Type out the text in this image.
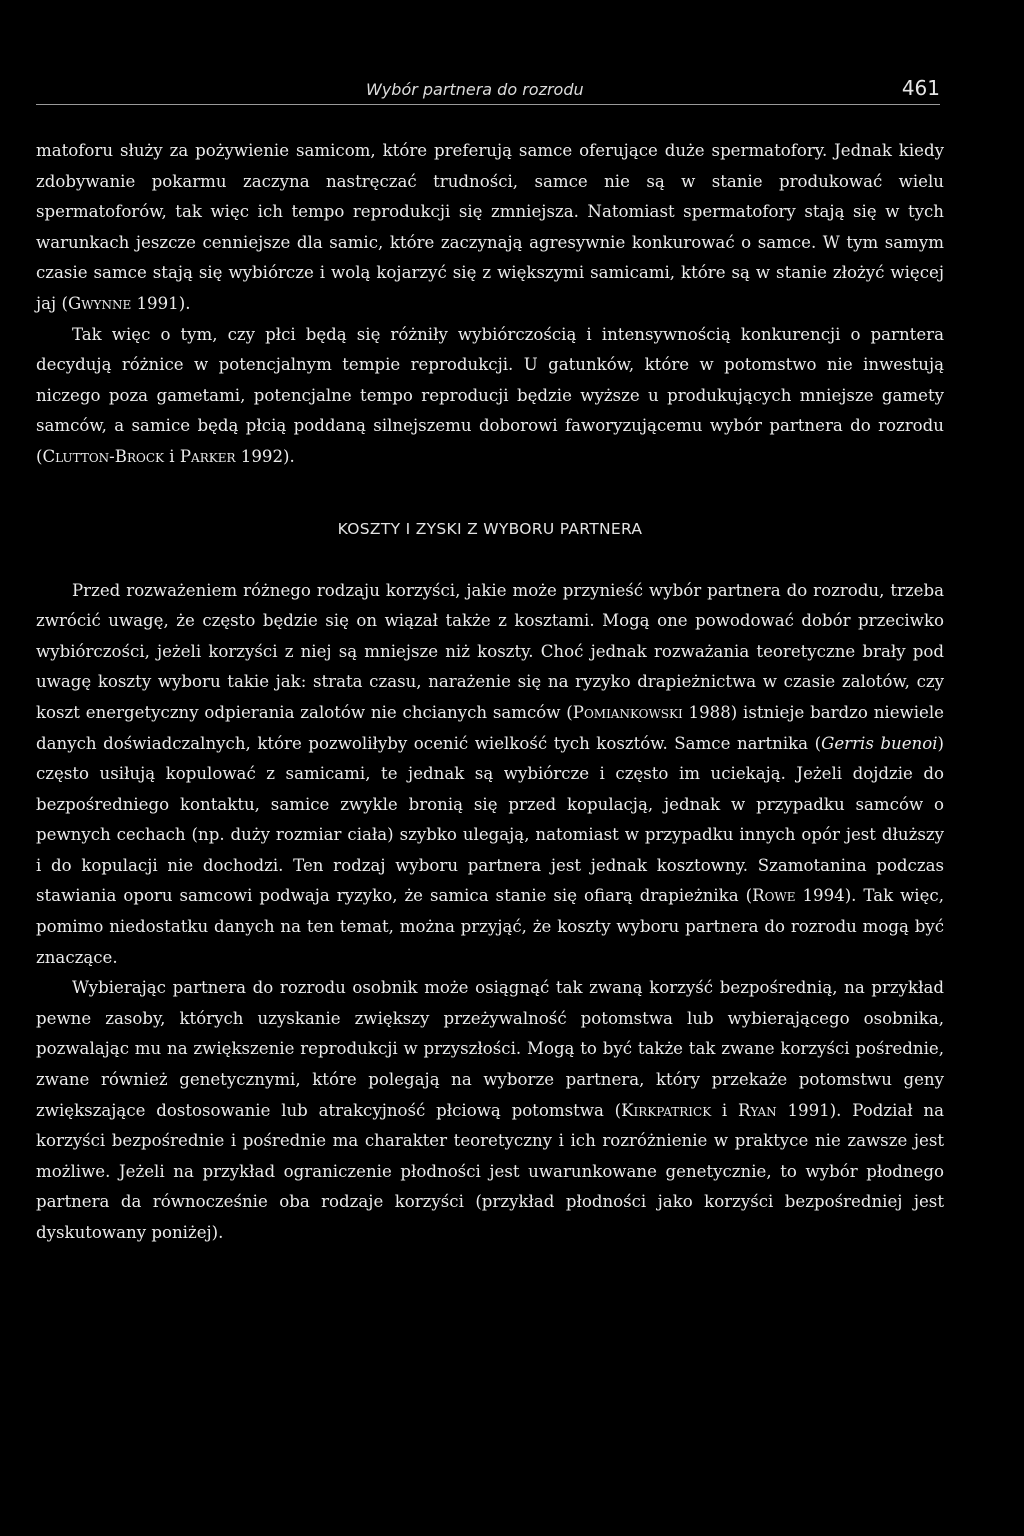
Wybór partnera do rozrodu	461

matoforu służy za pożywienie samicom, które preferują samce oferujące duże spermatofory. Jednak kiedy zdobywanie pokarmu zaczyna nastręczać trudności, samce nie są w stanie produkować wielu spermatoforów, tak więc ich tempo reprodukcji się zmniejsza. Natomiast spermatofory stają się w tych warunkach jeszcze cenniejsze dla samic, które zaczynają agresywnie konkurować o samce. W tym samym czasie samce stają się wybiórcze i wolą kojarzyć się z większymi samicami, które są w stanie złożyć więcej jaj (Gwynne 1991).

Tak więc o tym, czy płci będą się różniły wybiórczością i intensywnością konkurencji o parntera decydują różnice w potencjalnym tempie reprodukcji. U gatunków, które w potomstwo nie inwestują niczego poza gametami, potencjalne tempo reproducji będzie wyższe u produkujących mniejsze gamety samców, a samice będą płcią poddaną silnejszemu doborowi faworyzującemu wybór partnera do rozrodu (Clutton-Brock i Parker 1992).

KOSZTY I ZYSKI Z WYBORU PARTNERA

Przed rozważeniem różnego rodzaju korzyści, jakie może przynieść wybór partnera do rozrodu, trzeba zwrócić uwagę, że często będzie się on wiązał także z kosztami. Mogą one powodować dobór przeciwko wybiórczości, jeżeli korzyści z niej są mniejsze niż koszty. Choć jednak rozważania teoretyczne brały pod uwagę koszty wyboru takie jak: strata czasu, narażenie się na ryzyko drapieżnictwa w czasie zalotów, czy koszt energetyczny odpierania zalotów nie chcianych samców (Pomiankowski 1988) istnieje bardzo niewiele danych doświadczalnych, które pozwoliłyby ocenić wielkość tych kosztów. Samce nartnika (Gerris buenoi) często usiłują kopulować z samicami, te jednak są wybiórcze i często im uciekają. Jeżeli dojdzie do bezpośredniego kontaktu, samice zwykle bronią się przed kopulacją, jednak w przypadku samców o pewnych cechach (np. duży rozmiar ciała) szybko ulegają, natomiast w przypadku innych opór jest dłuższy i do kopulacji nie dochodzi. Ten rodzaj wyboru partnera jest jednak kosztowny. Szamotanina podczas stawiania oporu samcowi podwaja ryzyko, że samica stanie się ofiarą drapieżnika (Rowe 1994). Tak więc, pomimo niedostatku danych na ten temat, można przyjąć, że koszty wyboru partnera do rozrodu mogą być znaczące.

Wybierając partnera do rozrodu osobnik może osiągnąć tak zwaną korzyść bezpośrednią, na przykład pewne zasoby, których uzyskanie zwiększy przeżywalność potomstwa lub wybierającego osobnika, pozwalając mu na zwiększenie reprodukcji w przyszłości. Mogą to być także tak zwane korzyści pośrednie, zwane również genetycznymi, które polegają na wyborze partnera, który przekaże potomstwu geny zwiększające dostosowanie lub atrakcyjność płciową potomstwa (Kirkpatrick i Ryan 1991). Podział na korzyści bezpośrednie i pośrednie ma charakter teoretyczny i ich rozróżnienie w praktyce nie zawsze jest możliwe. Jeżeli na przykład ograniczenie płodności jest uwarunkowane genetycznie, to wybór płodnego partnera da równocześnie oba rodzaje korzyści (przykład płodności jako korzyści bezpośredniej jest dyskutowany poniżej).
